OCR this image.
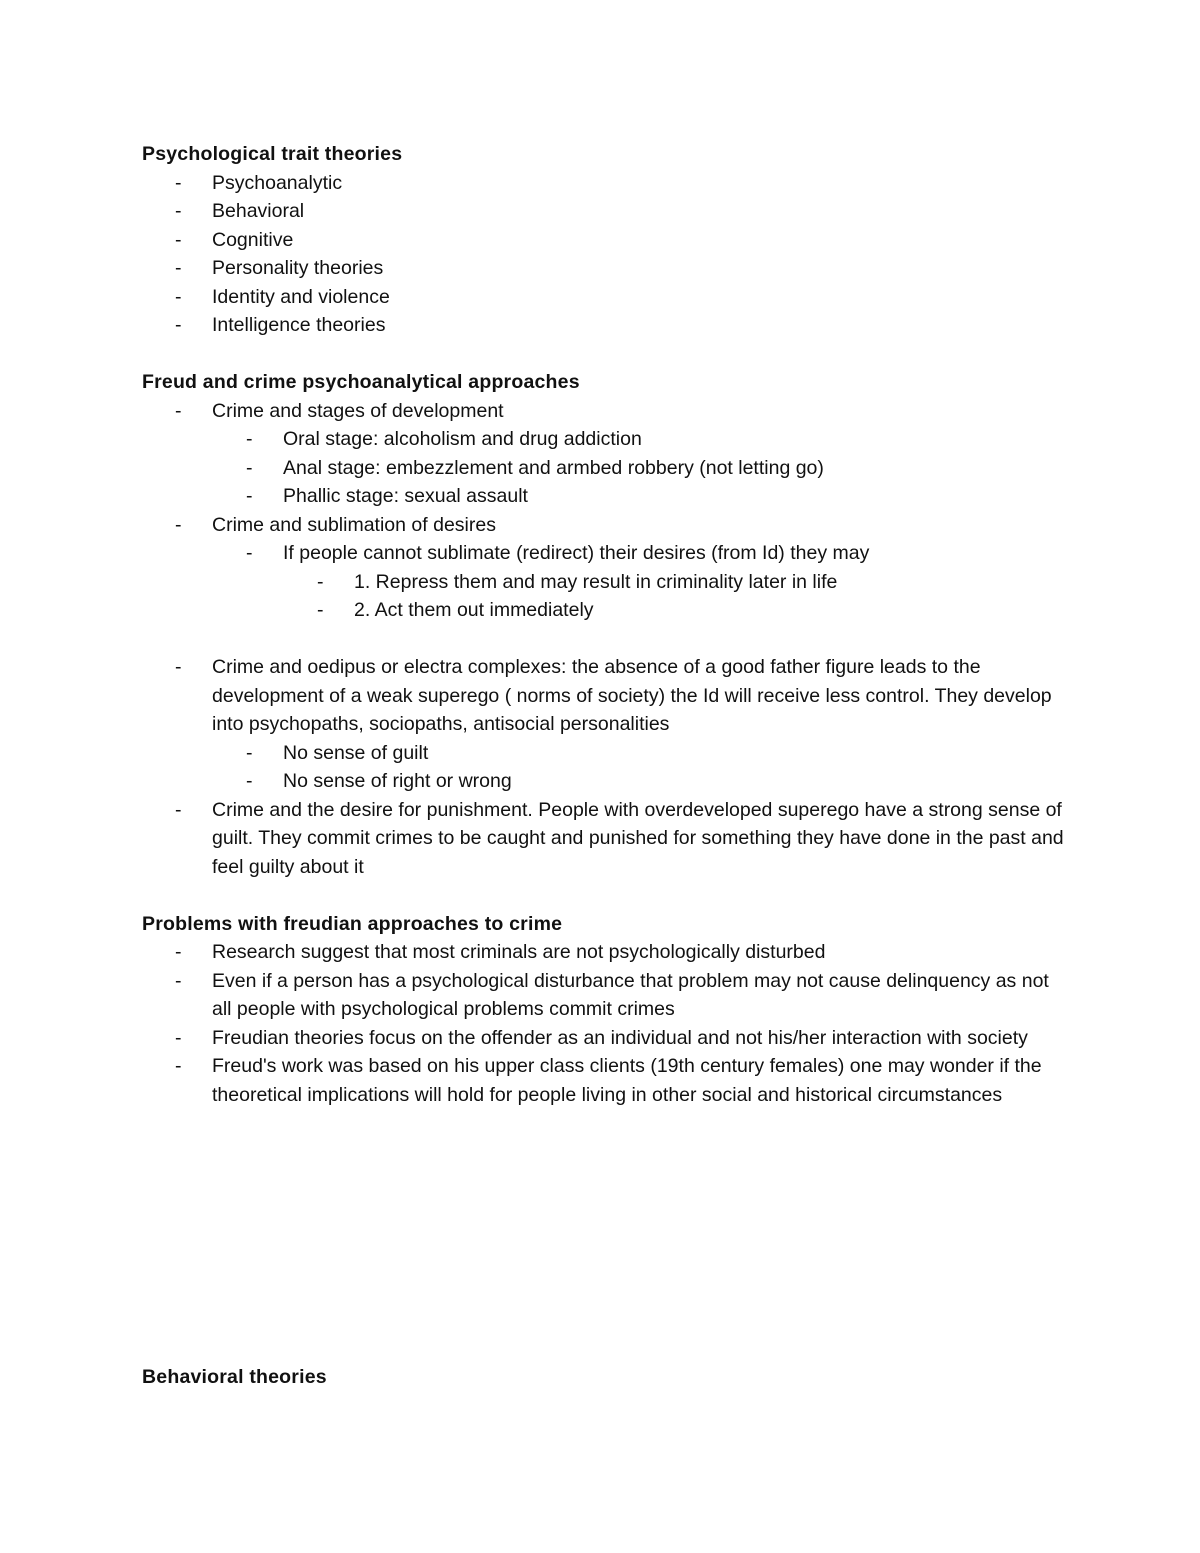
Psychological trait theories

- Psychoanalytic
- Behavioral
- Cognitive
- Personality theories
- Identity and violence
- Intelligence theories

Freud and crime psychoanalytical approaches

- Crime and stages of development
- Oral stage: alcoholism and drug addiction
- Anal stage: embezzlement and armbed robbery (not letting go)
- Phallic stage: sexual assault
- Crime and sublimation of desires
- If people cannot sublimate (redirect) their desires (from Id) they may
- 1. Repress them and may result in criminality later in life
- 2. Act them out immediately
- Crime and oedipus or electra complexes: the absence of a good father figure leads to the development of a weak superego ( norms of society) the Id will receive less control. They develop into psychopaths, sociopaths, antisocial personalities
- No sense of guilt
- No sense of right or wrong
- Crime and the desire for punishment. People with overdeveloped superego have a strong sense of guilt. They commit crimes to be caught and punished for something they have done in the past and feel guilty about it

Problems with freudian approaches to crime

- Research suggest that most criminals are not psychologically disturbed
- Even if a person has a psychological disturbance that problem may not cause delinquency as not all people with psychological problems commit crimes
- Freudian theories focus on the offender as an individual and not his/her interaction with society
- Freud's work was based on his upper class clients (19th century females) one may wonder if the theoretical implications will hold for people living in other social and historical circumstances

Behavioral theories
